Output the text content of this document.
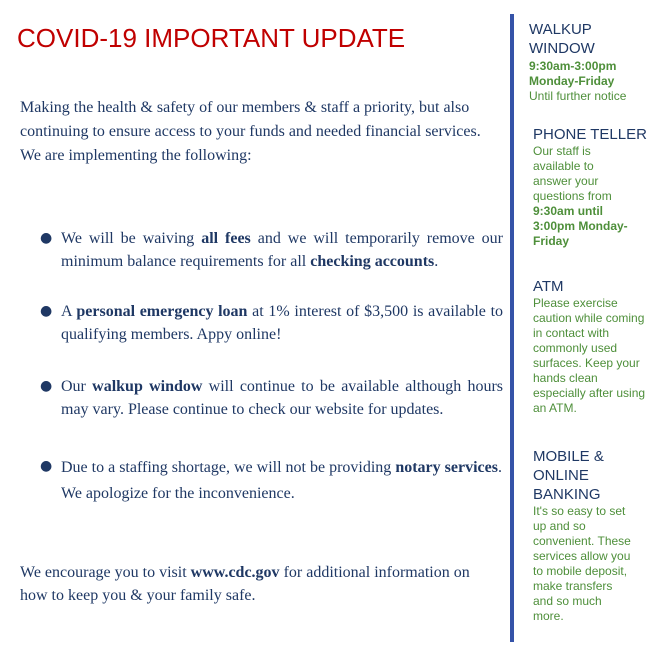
COVID-19 IMPORTANT UPDATE
Making the health & safety of our members & staff a priority, but also
continuing to ensure access to your funds and needed financial services.
We are implementing the following:
● We will be waiving all fees and we will temporarily remove our minimum balance requirements for all checking accounts.
● A personal emergency loan at 1% interest of $3,500 is available to qualifying members. Appy online!
● Our walkup window will continue to be available although hours may vary. Please continue to check our website for updates.
● Due to a staffing shortage, we will not be providing notary services. We apologize for the inconvenience.
We encourage you to visit www.cdc.gov for additional information on how to keep you & your family safe.
WALKUP
WINDOW
9:30am-3:00pm
Monday-Friday
Until further notice
PHONE TELLER
Our staff is
available to
answer your
questions from
9:30am until
3:00pm Monday-
Friday
ATM
Please exercise
caution while coming
in contact with
commonly used
surfaces. Keep your
hands clean
especially after using
an ATM.
MOBILE &
ONLINE
BANKING
It's so easy to set
up and so
convenient. These
services allow you
to mobile deposit,
make transfers
and so much
more.
